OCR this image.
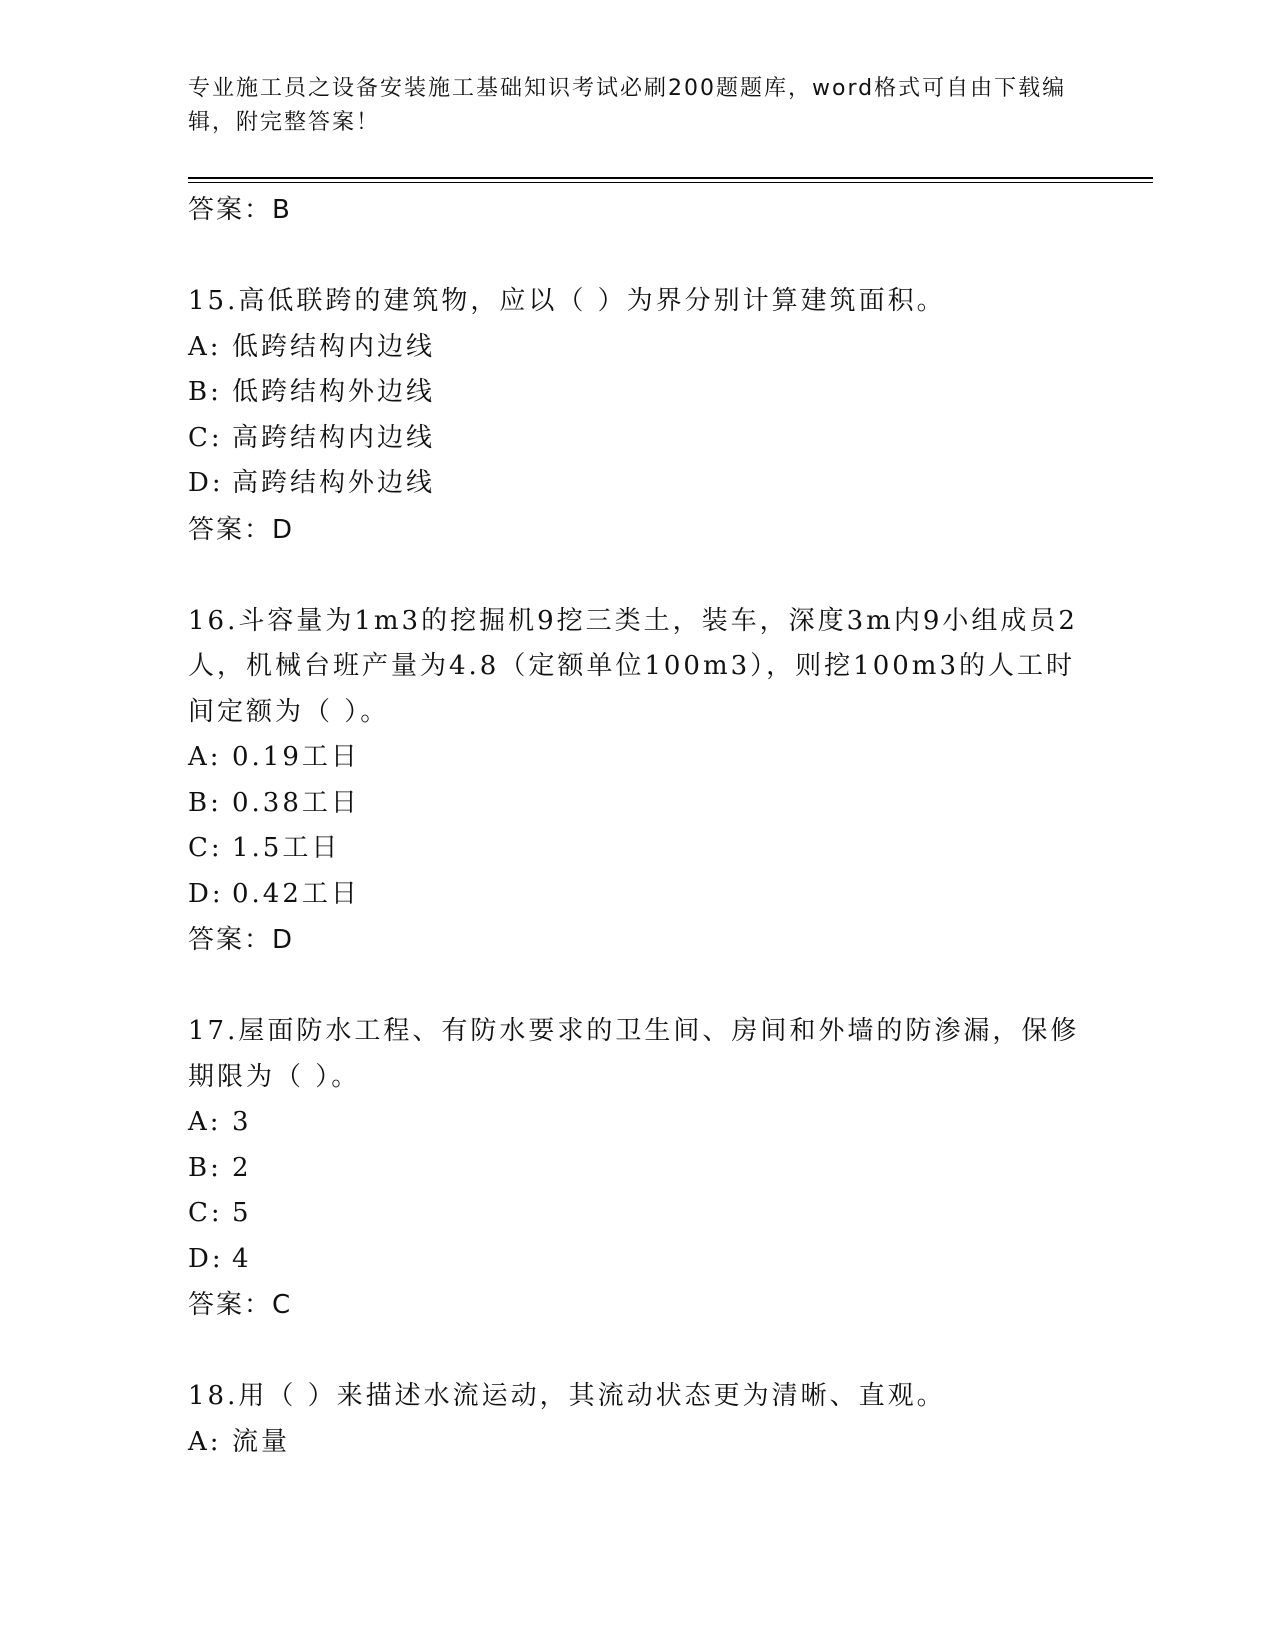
专业施工员之设备安装施工基础知识考试必刷200题题库，word格式可自由下载编辑，附完整答案！
答案：B
15.高低联跨的建筑物，应以（ ）为界分别计算建筑面积。
A: 低跨结构内边线
B: 低跨结构外边线
C: 高跨结构内边线
D: 高跨结构外边线
答案：D
16.斗容量为1m3的挖掘机9挖三类土，装车，深度3m内9小组成员2人，机械台班产量为4.8（定额单位100m3），则挖100m3的人工时间定额为（ ）。
A: 0.19工日
B: 0.38工日
C: 1.5工日
D: 0.42工日
答案：D
17.屋面防水工程、有防水要求的卫生间、房间和外墙的防渗漏，保修期限为（ ）。
A: 3
B: 2
C: 5
D: 4
答案：C
18.用（ ）来描述水流运动，其流动状态更为清晰、直观。
A: 流量
